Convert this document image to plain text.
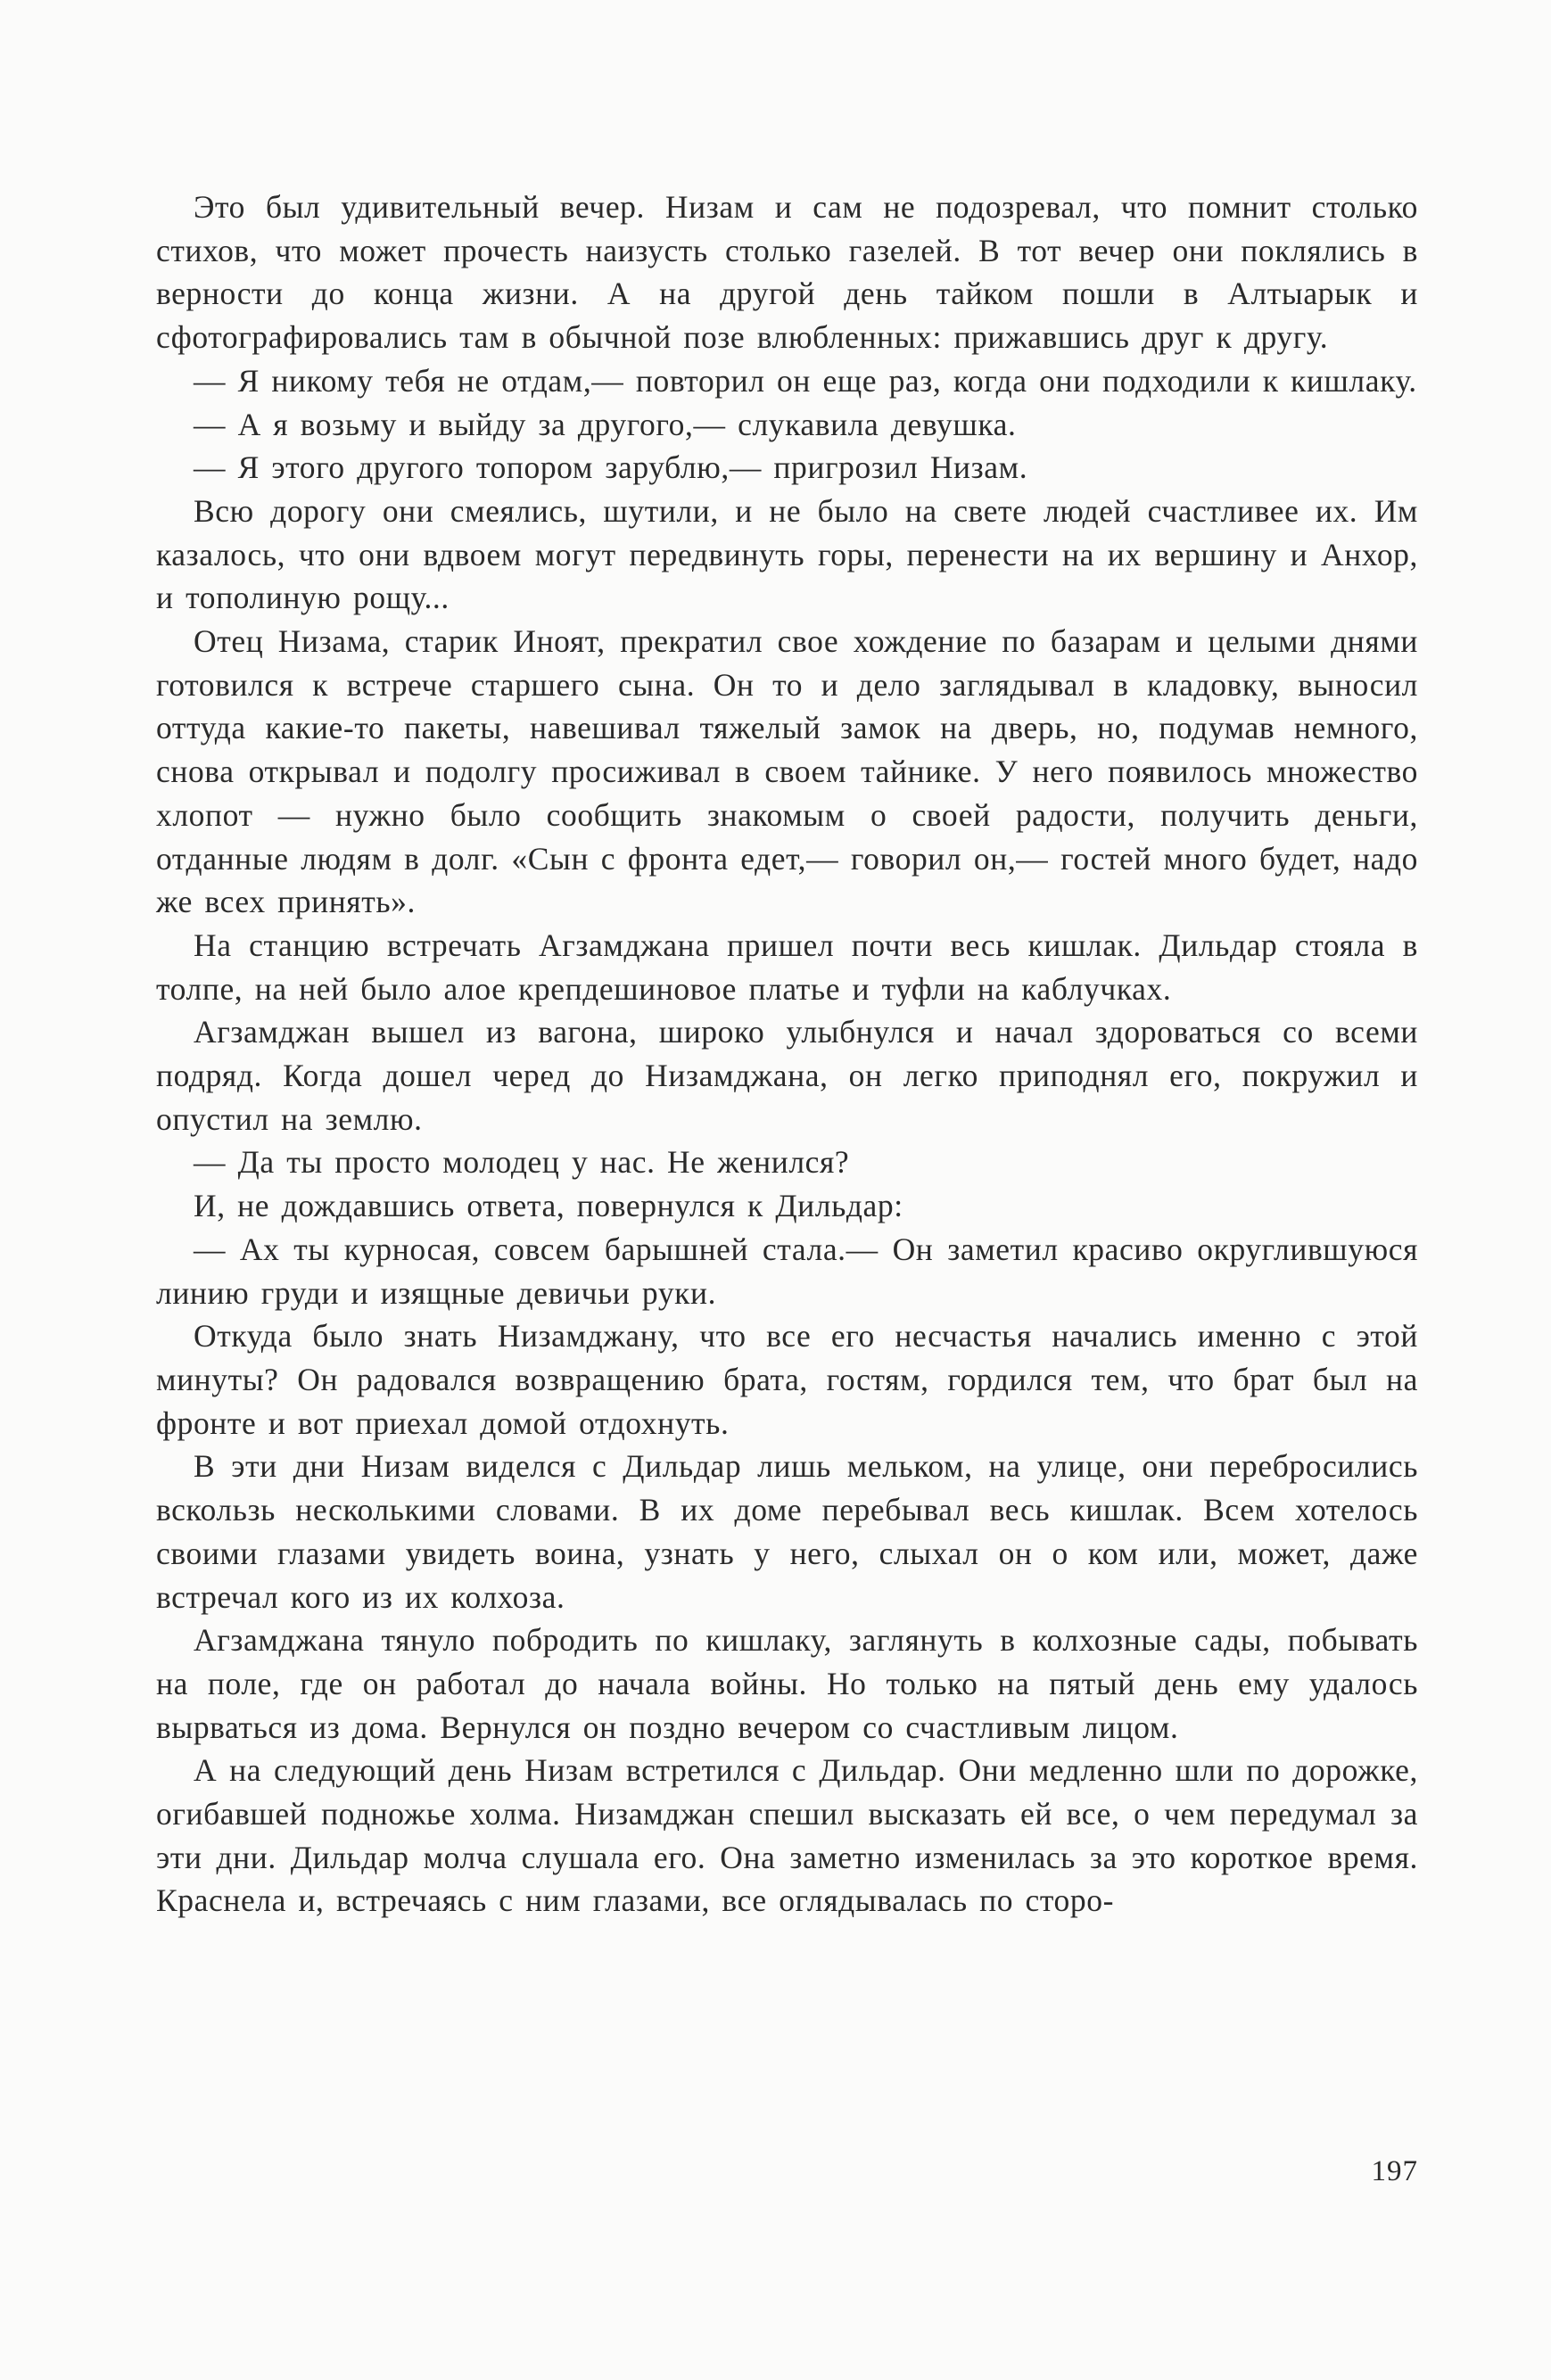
Это был удивительный вечер. Низам и сам не подозревал, что помнит столько стихов, что может прочесть наизусть столько газелей. В тот вечер они поклялись в верности до конца жизни. А на другой день тайком пошли в Алтыарык и сфотографировались там в обычной позе влюбленных: прижавшись друг к другу.

— Я никому тебя не отдам,— повторил он еще раз, когда они подходили к кишлаку.

— А я возьму и выйду за другого,— слукавила девушка.

— Я этого другого топором зарублю,— пригрозил Низам.

Всю дорогу они смеялись, шутили, и не было на свете людей счастливее их. Им казалось, что они вдвоем могут передвинуть горы, перенести на их вершину и Анхор, и тополиную рощу...

Отец Низама, старик Иноят, прекратил свое хождение по базарам и целыми днями готовился к встрече старшего сына. Он то и дело заглядывал в кладовку, выносил оттуда какие-то пакеты, навешивал тяжелый замок на дверь, но, подумав немного, снова открывал и подолгу просиживал в своем тайнике. У него появилось множество хлопот — нужно было сообщить знакомым о своей радости, получить деньги, отданные людям в долг. «Сын с фронта едет,— говорил он,— гостей много будет, надо же всех принять».

На станцию встречать Агзамджана пришел почти весь кишлак. Дильдар стояла в толпе, на ней было алое крепдешиновое платье и туфли на каблучках.

Агзамджан вышел из вагона, широко улыбнулся и начал здороваться со всеми подряд. Когда дошел черед до Низамджана, он легко приподнял его, покружил и опустил на землю.

— Да ты просто молодец у нас. Не женился?

И, не дождавшись ответа, повернулся к Дильдар:

— Ах ты курносая, совсем барышней стала.— Он заметил красиво округлившуюся линию груди и изящные девичьи руки.

Откуда было знать Низамджану, что все его несчастья начались именно с этой минуты? Он радовался возвращению брата, гостям, гордился тем, что брат был на фронте и вот приехал домой отдохнуть.

В эти дни Низам виделся с Дильдар лишь мельком, на улице, они перебросились вскользь несколькими словами. В их доме перебывал весь кишлак. Всем хотелось своими глазами увидеть воина, узнать у него, слыхал он о ком или, может, даже встречал кого из их колхоза.

Агзамджана тянуло побродить по кишлаку, заглянуть в колхозные сады, побывать на поле, где он работал до начала войны. Но только на пятый день ему удалось вырваться из дома. Вернулся он поздно вечером со счастливым лицом.

А на следующий день Низам встретился с Дильдар. Они медленно шли по дорожке, огибавшей подножье холма. Низамджан спешил высказать ей все, о чем передумал за эти дни. Дильдар молча слушала его. Она заметно изменилась за это короткое время. Краснела и, встречаясь с ним глазами, все оглядывалась по сторо-

197
